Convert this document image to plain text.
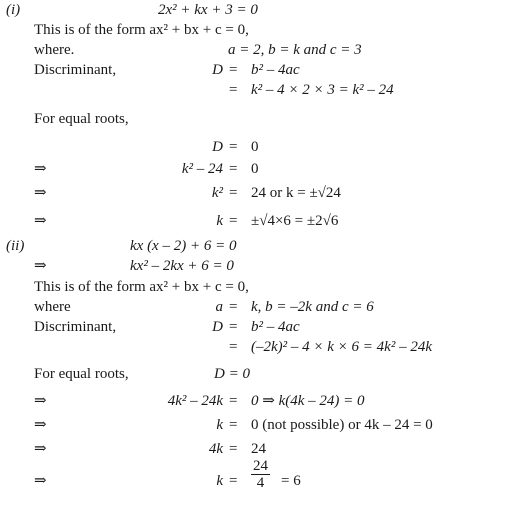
(i)	2x² + kx + 3 = 0
This is of the form ax² + bx + c = 0,
where.	a = 2, b = k and c = 3
Discriminant,	D = b² – 4ac
= k² – 4 × 2 × 3 = k² – 24
For equal roots,
D = 0
⇒	k² – 24 = 0
⇒	k² = 24 or k = ±√24
⇒	k = ±√4×6 = ±2√6
(ii)	kx (x – 2) + 6 = 0
⇒	kx² – 2kx + 6 = 0
This is of the form ax² + bx + c = 0,
where	a = k, b = –2k and c = 6
Discriminant,	D = b² – 4ac
= (–2k)² – 4 × k × 6 = 4k² – 24k
For equal roots,	D = 0
⇒	4k² – 24k = 0 ⇒ k(4k – 24) = 0
⇒	k = 0 (not possible) or 4k – 24 = 0
⇒	4k = 24
⇒	$k = \frac{24}{4} = 6$
